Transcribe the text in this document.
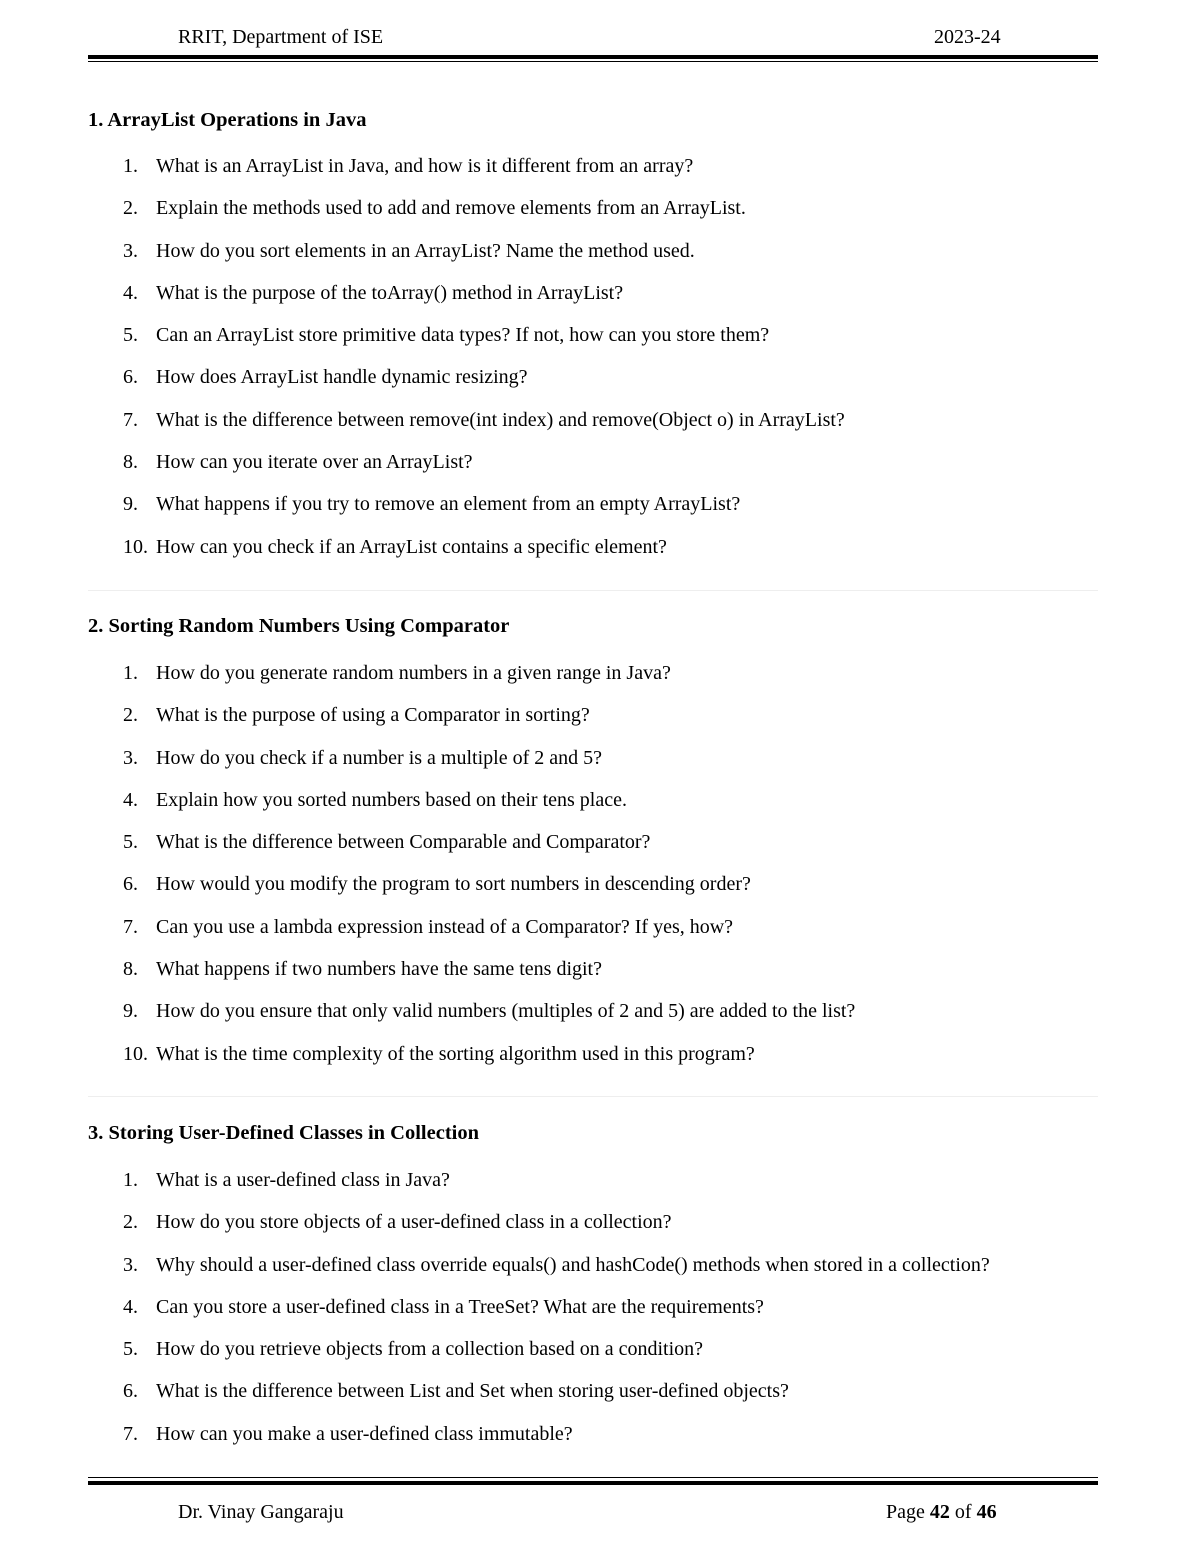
RRIT, Department of ISE	2023-24
1. ArrayList Operations in Java
1. What is an ArrayList in Java, and how is it different from an array?
2. Explain the methods used to add and remove elements from an ArrayList.
3. How do you sort elements in an ArrayList? Name the method used.
4. What is the purpose of the toArray() method in ArrayList?
5. Can an ArrayList store primitive data types? If not, how can you store them?
6. How does ArrayList handle dynamic resizing?
7. What is the difference between remove(int index) and remove(Object o) in ArrayList?
8. How can you iterate over an ArrayList?
9. What happens if you try to remove an element from an empty ArrayList?
10. How can you check if an ArrayList contains a specific element?
2. Sorting Random Numbers Using Comparator
1. How do you generate random numbers in a given range in Java?
2. What is the purpose of using a Comparator in sorting?
3. How do you check if a number is a multiple of 2 and 5?
4. Explain how you sorted numbers based on their tens place.
5. What is the difference between Comparable and Comparator?
6. How would you modify the program to sort numbers in descending order?
7. Can you use a lambda expression instead of a Comparator? If yes, how?
8. What happens if two numbers have the same tens digit?
9. How do you ensure that only valid numbers (multiples of 2 and 5) are added to the list?
10. What is the time complexity of the sorting algorithm used in this program?
3. Storing User-Defined Classes in Collection
1. What is a user-defined class in Java?
2. How do you store objects of a user-defined class in a collection?
3. Why should a user-defined class override equals() and hashCode() methods when stored in a collection?
4. Can you store a user-defined class in a TreeSet? What are the requirements?
5. How do you retrieve objects from a collection based on a condition?
6. What is the difference between List and Set when storing user-defined objects?
7. How can you make a user-defined class immutable?
Dr. Vinay Gangaraju	Page 42 of 46
